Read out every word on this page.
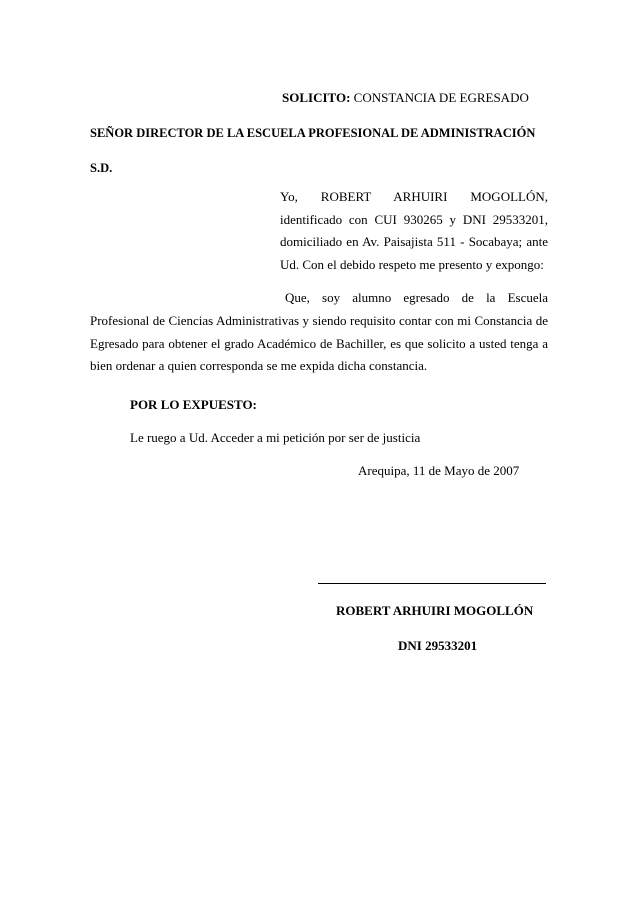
SOLICITO: CONSTANCIA DE EGRESADO
SEÑOR DIRECTOR DE LA ESCUELA PROFESIONAL DE ADMINISTRACIÓN
S.D.
Yo, ROBERT ARHUIRI MOGOLLÓN,
identificado con CUI 930265 y DNI 29533201,
domiciliado en Av. Paisajista 511 - Socabaya; ante
Ud. Con el debido respeto me presento y expongo:
Que, soy alumno egresado de la Escuela
Profesional de Ciencias Administrativas y siendo requisito contar con mi Constancia de
Egresado para obtener el grado Académico de Bachiller, es que solicito a usted tenga a
bien ordenar a quien corresponda se me expida dicha constancia.
POR LO EXPUESTO:
Le ruego a Ud. Acceder a mi petición por ser de justicia
Arequipa, 11 de Mayo de 2007
ROBERT ARHUIRI MOGOLLÓN
DNI 29533201
